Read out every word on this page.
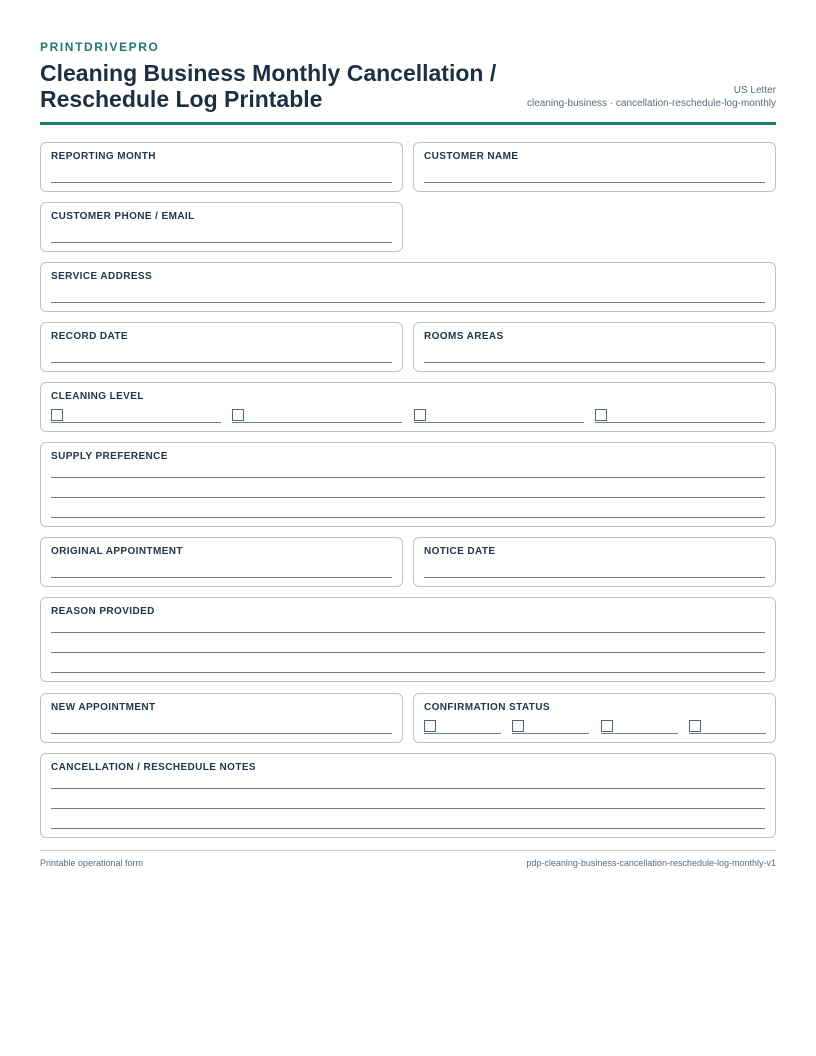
PRINTDRIVEPRO
Cleaning Business Monthly Cancellation / Reschedule Log Printable	US Letter
cleaning-business · cancellation-reschedule-log-monthly
REPORTING MONTH	CUSTOMER NAME
CUSTOMER PHONE / EMAIL
SERVICE ADDRESS
RECORD DATE	ROOMS AREAS
CLEANING LEVEL
SUPPLY PREFERENCE
ORIGINAL APPOINTMENT	NOTICE DATE
REASON PROVIDED
NEW APPOINTMENT	CONFIRMATION STATUS
CANCELLATION / RESCHEDULE NOTES
Printable operational form	pdp-cleaning-business-cancellation-reschedule-log-monthly-v1
